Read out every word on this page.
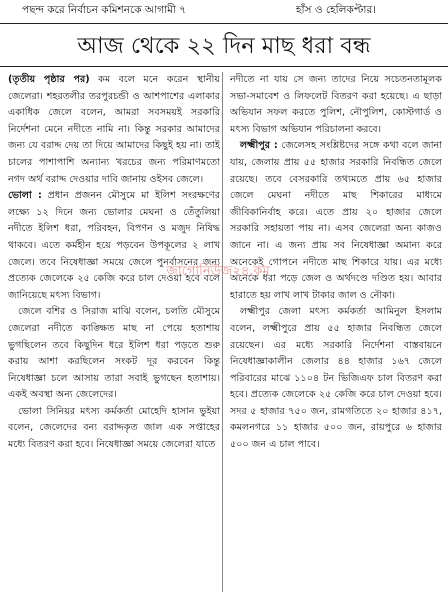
পছন্দ করে নির্বাচন কমিশনকে আগামী ৭	হাঁস ও হেলিকপ্টার।
আজ থেকে ২২ দিন মাছ ধরা বন্ধ

(তৃতীয় পৃষ্ঠার পর) কম বলে মনে করেন স্থানীয় জেলেরা। শহরতলীর তরপুরচন্ডী ও আশপাশের এলাকার একাধিক জেলে বলেন, আমরা সবসময়ই সরকারি নির্দেশনা মেনে নদীতে নামি না। কিন্তু সরকার আমাদের জন্য যে বরাদ্দ দেয় তা দিয়ে আমাদের কিছুই হয় না। তাই চালের পাশাপাশি অন্যান্য খরচের জন্য পরিমাণমতো নগদ অর্থ বরাদ্দ দেওয়ার দাবি জানায় ওইসব জেলে।

ভোলা : প্রধান প্রজনন মৌসুমে মা ইলিশ সংরক্ষণের লক্ষ্যে ১২ দিনে জন্য ভোলার মেঘনা ও তেঁতুলিয়া নদীতে ইলিশ ধরা, পরিবহন, বিপণন ও মজুদ নিষিদ্ধ থাকবে। এতে কর্মহীন হয়ে পড়বেন উপকূলের ২ লাখ জেলে। তবে নিষেধাজ্ঞা সময়ে জেলে পুনর্বাসনের জন্য প্রত্যেক জেলেকে ২৫ কেজি করে চাল দেওয়া হবে বলে জানিয়েছে মৎস্য বিভাগ।

জেলে বশির ও সিরাজ মাঝি বলেন, চলতি মৌসুমে জেলেরা নদীতে কাঙ্ক্ষিত মাছ না পেয়ে হতাশায় ভুগছিলেন তবে কিছুদিন ধরে ইলিশ ধরা পড়তে শুরু করায় আশা করছিলেন সংকট দূর করবেন কিন্তু নিষেধাজ্ঞা চলে আসায় তারা সবাই ভুগছেন হতাশায়। একই অবস্থা অন্য জেলেদের।

ভোলা সিনিয়র মৎস্য কর্মকর্তা মোহেদি হাসান ভুইয়া বলেন, জেলেদের বন্য বরাদ্দকৃত জাল এক সপ্তাহের মধ্যে বিতরণ করা হবে। নিষেধাজ্ঞা সময়ে জেলেরা যাতে

নদীতে না যায় সে জন্য তাদের নিয়ে সচেতনতামূলক সভা-সমাবেশ ও লিফলেট বিতরণ করা হয়েছে। এ ছাড়া অভিযান সফল করতে পুলিশ, নৌপুলিশ, কোস্টগার্ড ও মৎস্য বিভাগ অভিযান পরিচালনা করবে।

লক্ষ্মীপুর : জেলেসহ সংশ্লিষ্টদের সঙ্গে কথা বলে জানা যায়, জেলায় প্রায় ৫৫ হাজার সরকারি নিবন্ধিত জেলে রয়েছে। তবে বেসরকারি তথ্যমতে প্রায় ৬৫ হাজার জেলে মেঘনা নদীতে মাছ শিকারের মাধ্যমে জীবিকানির্বাহ করে। এতে প্রায় ২০ হাজার জেলে সরকারি সহায়তা পায় না। এসব জেলেরা অন্য কাজও জানে না। এ জন্য প্রায় সব নিষেধাজ্ঞা অমান্য করে অনেকেই গোপনে নদীতে মাছ শিকারে যায়। এর মধ্যে অনেকে ধরা পড়ে জেল ও অর্থদণ্ডে দণ্ডিত হয়। আবার হারাতে হয় লাখ লাখ টাকার জাল ও নৌকা।

লক্ষ্মীপুর জেলা মৎস্য কর্মকর্তা আমিনুল ইসলাম বলেন, লক্ষ্মীপুরে প্রায় ৫৫ হাজার নিবন্ধিত জেলে রয়েছেন। এর মধ্যে সরকারি নির্দেশনা বাস্তবায়নে নিষেধাজ্ঞাকালীন জেলার ৪৪ হাজার ১৬৭ জেলে পরিবারের মাঝে ১১০৪ টন ভিজিএফ চাল বিতরণ করা হবে। প্রত্যেক জেলেকে ২৫ কেজি করে চাল দেওয়া হবে। সদর ৫ হাজার ৭৫০ জন, রামগতিতে ২০ হাজার ৪১৭, কমলনগরে ১১ হাজার ৫০০ জন, রায়পুরে ৬ হাজার ৫০০ জন এ চাল পাবে।

জাগোনিউজ২৪.কম
